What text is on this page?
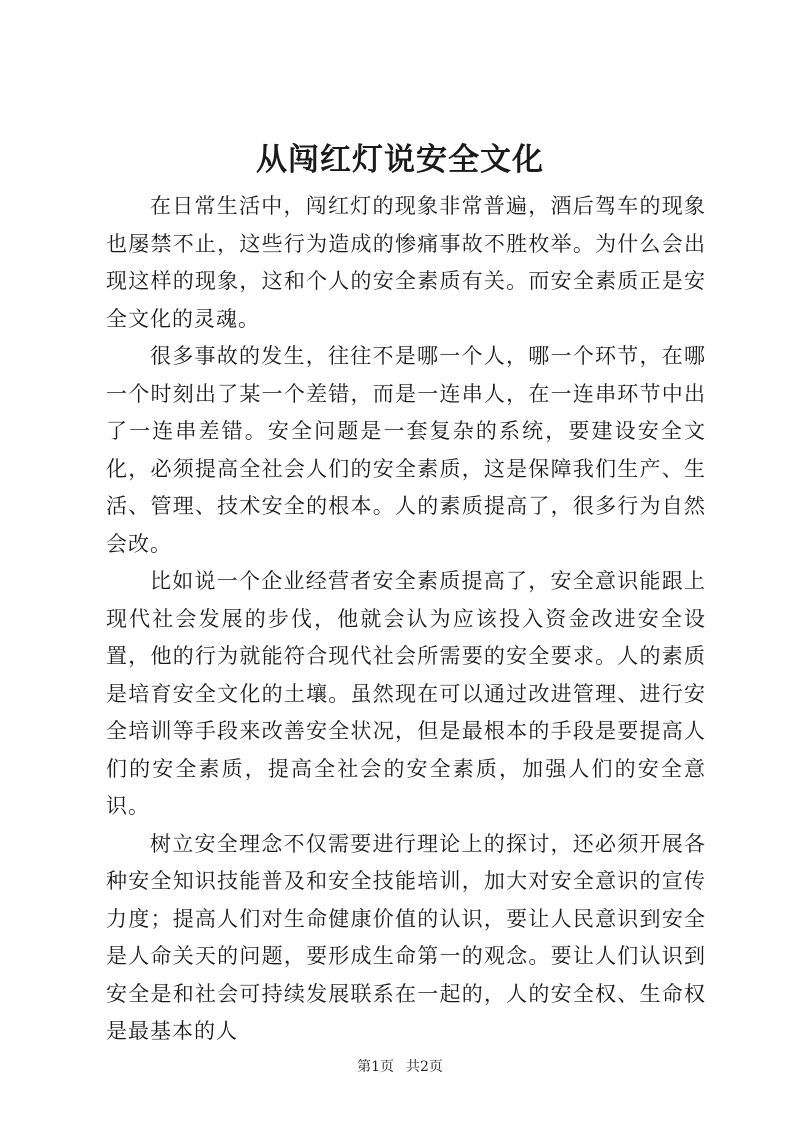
从闯红灯说安全文化

在日常生活中，闯红灯的现象非常普遍，酒后驾车的现象也屡禁不止，这些行为造成的惨痛事故不胜枚举。为什么会出现这样的现象，这和个人的安全素质有关。而安全素质正是安全文化的灵魂。

很多事故的发生，往往不是哪一个人，哪一个环节，在哪一个时刻出了某一个差错，而是一连串人，在一连串环节中出了一连串差错。安全问题是一套复杂的系统，要建设安全文化，必须提高全社会人们的安全素质，这是保障我们生产、生活、管理、技术安全的根本。人的素质提高了，很多行为自然会改。

比如说一个企业经营者安全素质提高了，安全意识能跟上现代社会发展的步伐，他就会认为应该投入资金改进安全设置，他的行为就能符合现代社会所需要的安全要求。人的素质是培育安全文化的土壤。虽然现在可以通过改进管理、进行安全培训等手段来改善安全状况，但是最根本的手段是要提高人们的安全素质，提高全社会的安全素质，加强人们的安全意识。

树立安全理念不仅需要进行理论上的探讨，还必须开展各种安全知识技能普及和安全技能培训，加大对安全意识的宣传力度；提高人们对生命健康价值的认识，要让人民意识到安全是人命关天的问题，要形成生命第一的观念。要让人们认识到安全是和社会可持续发展联系在一起的，人的安全权、生命权是最基本的人

第1页 共2页
